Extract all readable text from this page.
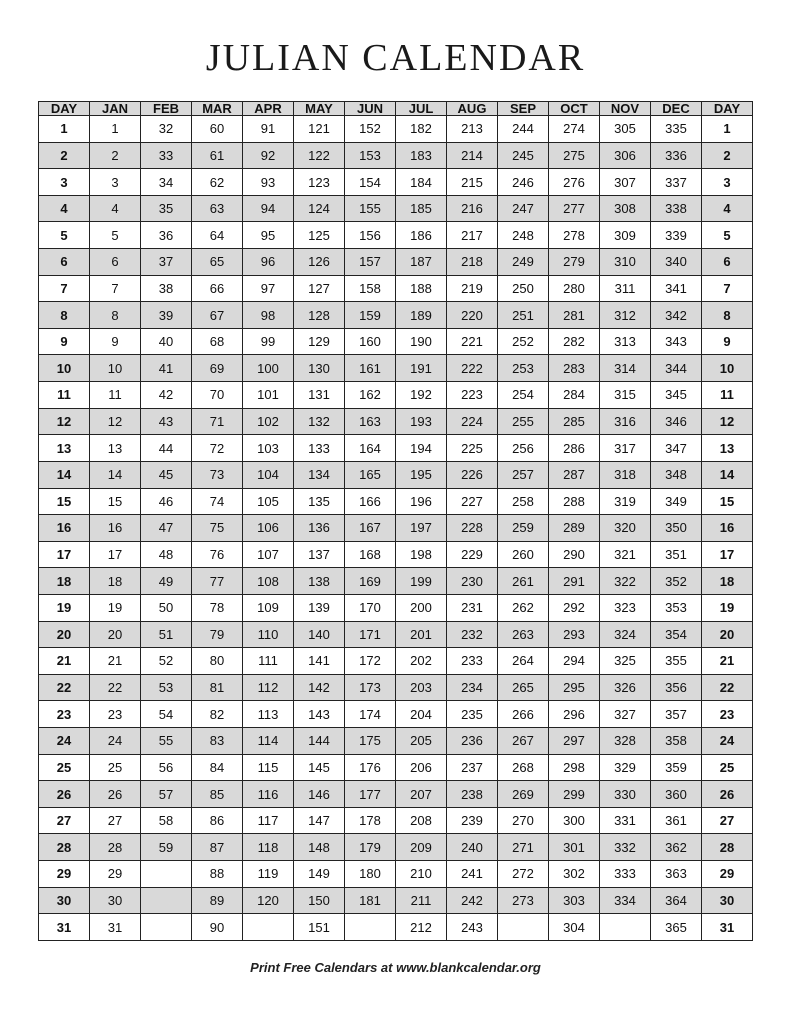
JULIAN CALENDAR
DAY	JAN	FEB	MAR	APR	MAY	JUN	JUL	AUG	SEP	OCT	NOV	DEC	DAY
1	1	32	60	91	121	152	182	213	244	274	305	335	1
2	2	33	61	92	122	153	183	214	245	275	306	336	2
3	3	34	62	93	123	154	184	215	246	276	307	337	3
4	4	35	63	94	124	155	185	216	247	277	308	338	4
5	5	36	64	95	125	156	186	217	248	278	309	339	5
6	6	37	65	96	126	157	187	218	249	279	310	340	6
7	7	38	66	97	127	158	188	219	250	280	311	341	7
8	8	39	67	98	128	159	189	220	251	281	312	342	8
9	9	40	68	99	129	160	190	221	252	282	313	343	9
10	10	41	69	100	130	161	191	222	253	283	314	344	10
11	11	42	70	101	131	162	192	223	254	284	315	345	11
12	12	43	71	102	132	163	193	224	255	285	316	346	12
13	13	44	72	103	133	164	194	225	256	286	317	347	13
14	14	45	73	104	134	165	195	226	257	287	318	348	14
15	15	46	74	105	135	166	196	227	258	288	319	349	15
16	16	47	75	106	136	167	197	228	259	289	320	350	16
17	17	48	76	107	137	168	198	229	260	290	321	351	17
18	18	49	77	108	138	169	199	230	261	291	322	352	18
19	19	50	78	109	139	170	200	231	262	292	323	353	19
20	20	51	79	110	140	171	201	232	263	293	324	354	20
21	21	52	80	111	141	172	202	233	264	294	325	355	21
22	22	53	81	112	142	173	203	234	265	295	326	356	22
23	23	54	82	113	143	174	204	235	266	296	327	357	23
24	24	55	83	114	144	175	205	236	267	297	328	358	24
25	25	56	84	115	145	176	206	237	268	298	329	359	25
26	26	57	85	116	146	177	207	238	269	299	330	360	26
27	27	58	86	117	147	178	208	239	270	300	331	361	27
28	28	59	87	118	148	179	209	240	271	301	332	362	28
29	29		88	119	149	180	210	241	272	302	333	363	29
30	30		89	120	150	181	211	242	273	303	334	364	30
31	31		90		151		212	243		304		365	31
Print Free Calendars at www.blankcalendar.org
